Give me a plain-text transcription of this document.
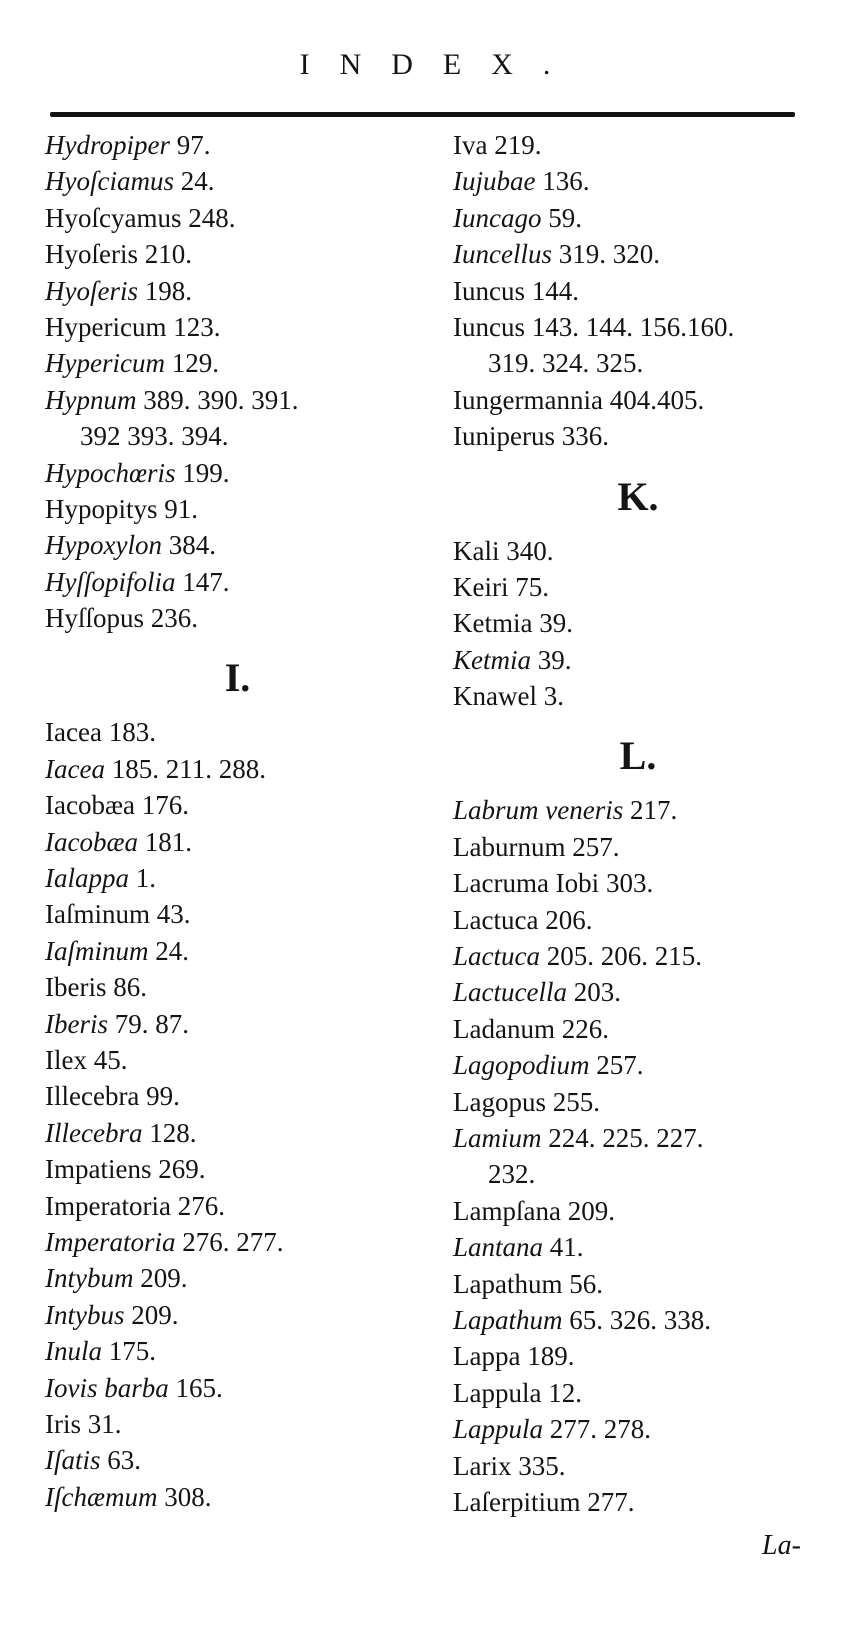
INDEX.
Hydropiper 97.
Hyoſciamus 24.
Hyoſcyamus 248.
Hyoſeris 210.
Hyoſeris 198.
Hypericum 123.
Hypericum 129.
Hypnum 389. 390. 391.
392 393. 394.
Hypochœris 199.
Hypopitys 91.
Hypoxylon 384.
Hyſſopifolia 147.
Hyſſopus 236.
I.
Iacea 183.
Iacea 185. 211. 288.
Iacobæa 176.
Iacobæa 181.
Ialappa 1.
Iaſminum 43.
Iaſminum 24.
Iberis 86.
Iberis 79. 87.
Ilex 45.
Illecebra 99.
Illecebra 128.
Impatiens 269.
Imperatoria 276.
Imperatoria 276. 277.
Intybum 209.
Intybus 209.
Inula 175.
Iovis barba 165.
Iris 31.
Iſatis 63.
Iſchæmum 308.
Iva 219.
Iujubae 136.
Iuncago 59.
Iuncellus 319. 320.
Iuncus 144.
Iuncus 143. 144. 156.160.
319. 324. 325.
Iungermannia 404.405.
Iuniperus 336.
K.
Kali 340.
Keiri 75.
Ketmia 39.
Ketmia 39.
Knawel 3.
L.
Labrum veneris 217.
Laburnum 257.
Lacruma Iobi 303.
Lactuca 206.
Lactuca 205. 206. 215.
Lactucella 203.
Ladanum 226.
Lagopodium 257.
Lagopus 255.
Lamium 224. 225. 227.
232.
Lampſana 209.
Lantana 41.
Lapathum 56.
Lapathum 65. 326. 338.
Lappa 189.
Lappula 12.
Lappula 277. 278.
Larix 335.
Laſerpitium 277.
La-
